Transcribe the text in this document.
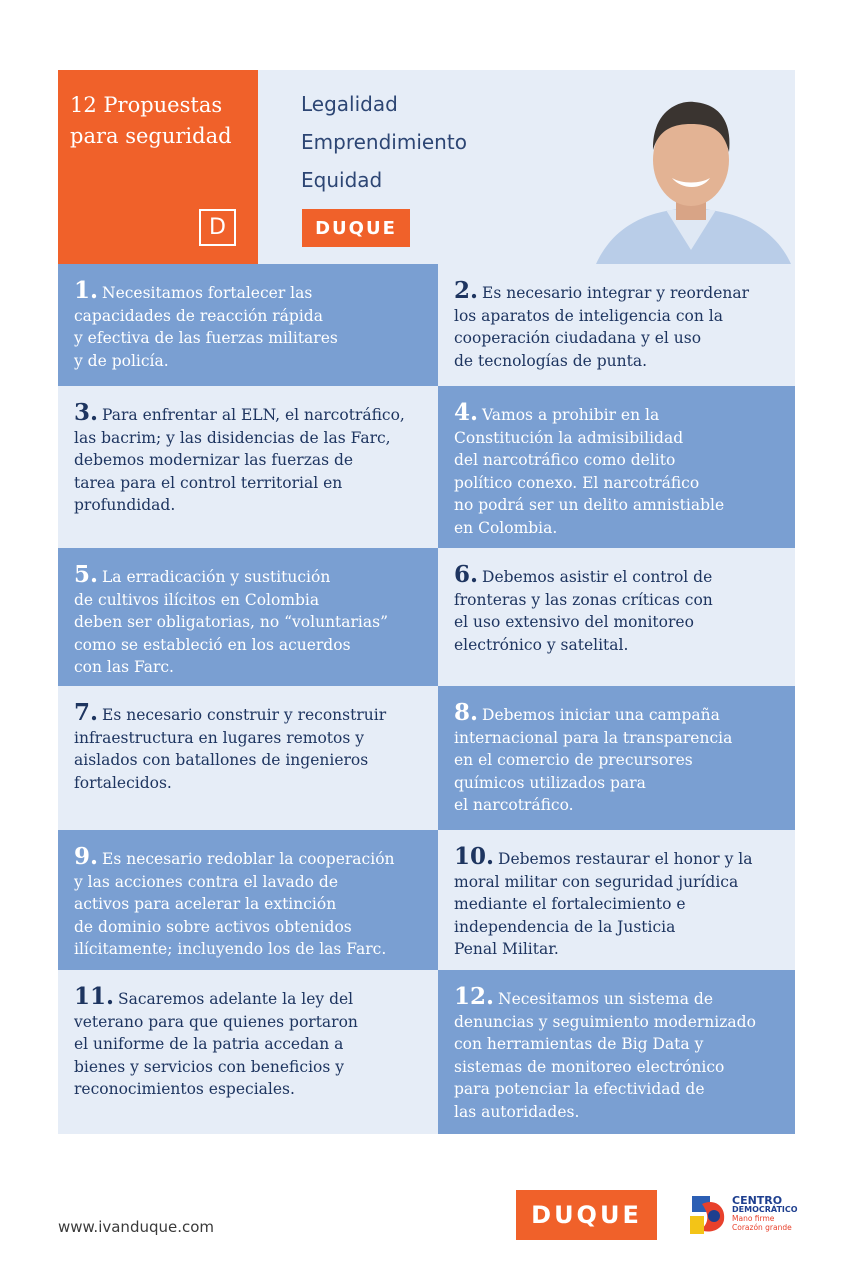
12 Propuestas
para seguridad
D
Legalidad
Emprendimiento
Equidad
DUQUE
1. Necesitamos fortalecer las
capacidades de reacción rápida
y efectiva de las fuerzas militares
y de policía.
2. Es necesario integrar y reordenar
los aparatos de inteligencia con la
cooperación ciudadana y el uso
de tecnologías de punta.
3. Para enfrentar al ELN, el narcotráfico,
las bacrim; y las disidencias de las Farc,
debemos modernizar las fuerzas de
tarea para el control territorial en
profundidad.
4. Vamos a prohibir en la
Constitución la admisibilidad
del narcotráfico como delito
político conexo. El narcotráfico
no podrá ser un delito amnistiable
en Colombia.
5. La erradicación y sustitución
de cultivos ilícitos en Colombia
deben ser obligatorias, no “voluntarias”
como se estableció en los acuerdos
con las Farc.
6. Debemos asistir el control de
fronteras y las zonas críticas con
el uso extensivo del monitoreo
electrónico y satelital.
7. Es necesario construir y reconstruir
infraestructura en lugares remotos y
aislados con batallones de ingenieros
fortalecidos.
8. Debemos iniciar una campaña
internacional para la transparencia
en el comercio de precursores
químicos utilizados para
el narcotráfico.
9. Es necesario redoblar la cooperación
y las acciones contra el lavado de
activos para acelerar la extinción
de dominio sobre activos obtenidos
ilícitamente; incluyendo los de las Farc.
10. Debemos restaurar el honor y la
moral militar con seguridad jurídica
mediante el fortalecimiento e
independencia de la Justicia
Penal Militar.
11. Sacaremos adelante la ley del
veterano para que quienes portaron
el uniforme de la patria accedan a
bienes y servicios con beneficios y
reconocimientos especiales.
12. Necesitamos un sistema de
denuncias y seguimiento modernizado
con herramientas de Big Data y
sistemas de monitoreo electrónico
para potenciar la efectividad de
las autoridades.
www.ivanduque.com	DUQUE
CENTRO
DEMOCRÁTICO
Mano firme
Corazón grande
